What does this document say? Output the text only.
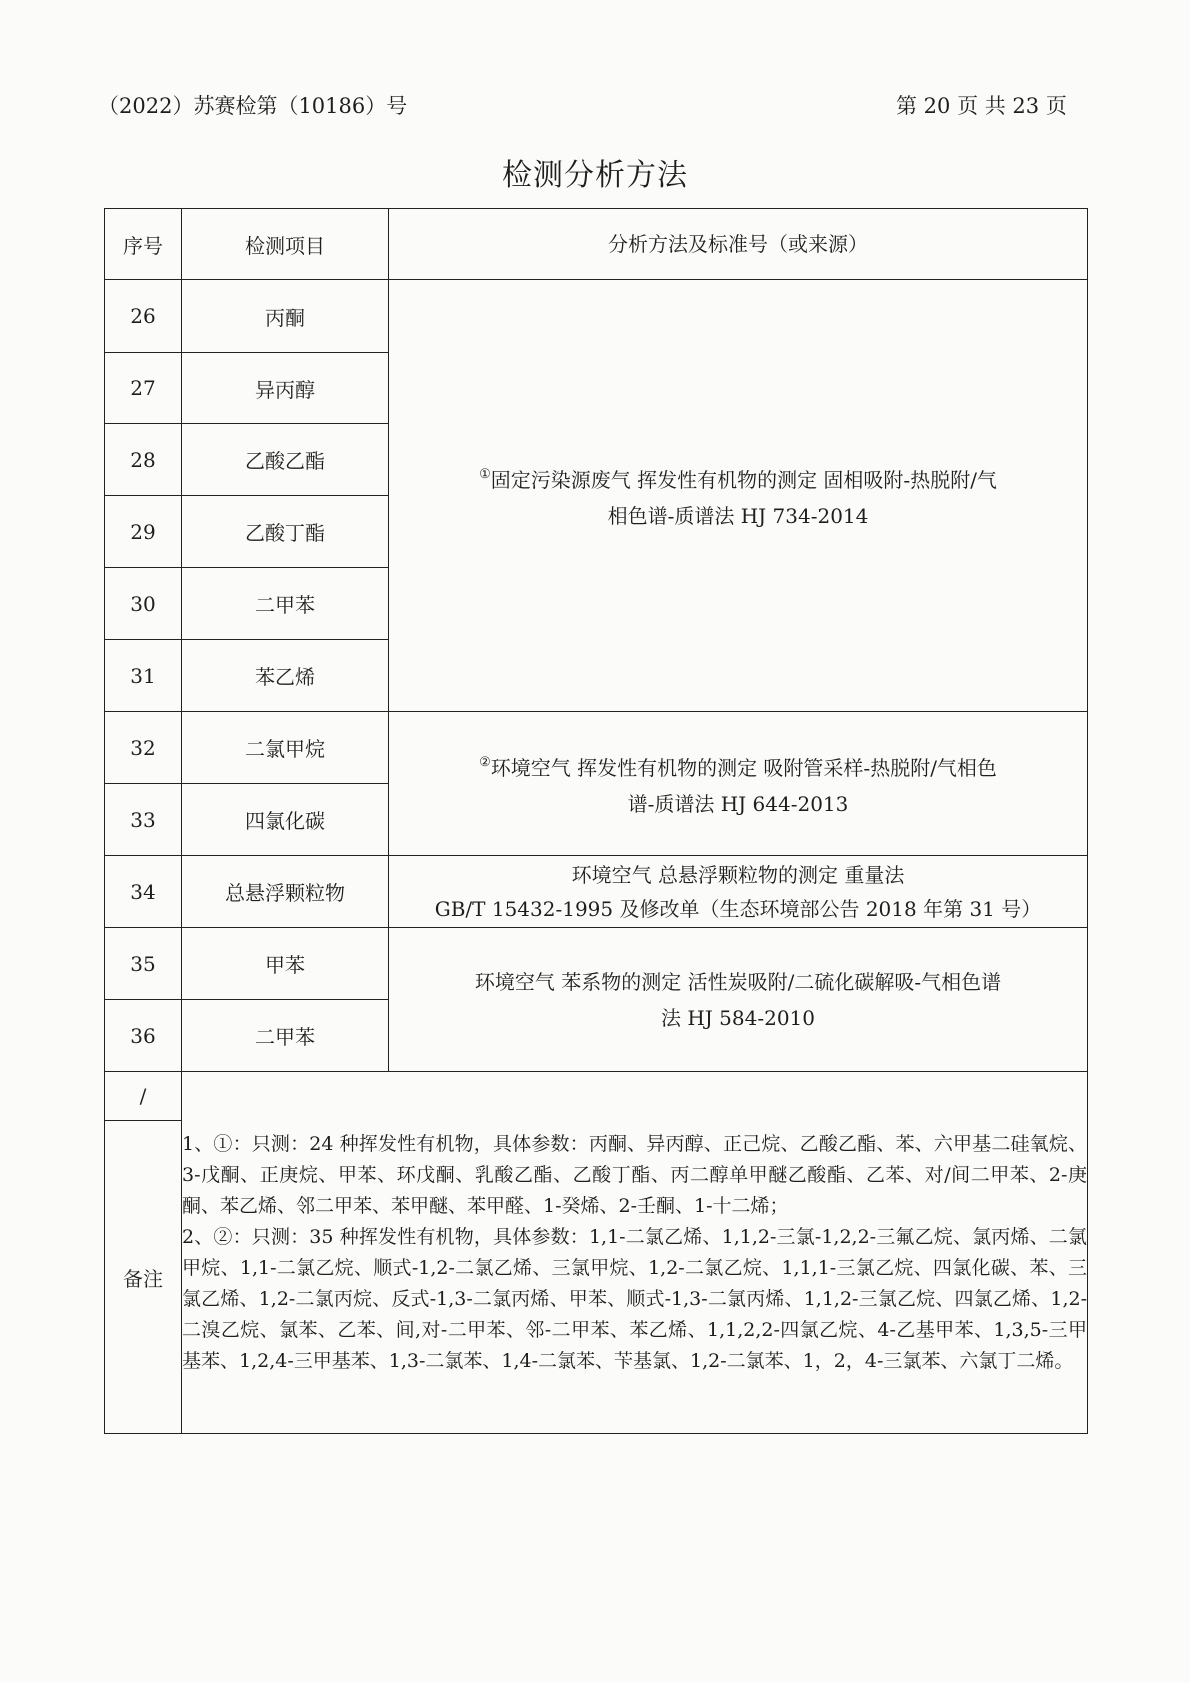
（2022）苏赛检第（10186）号	第 20 页 共 23 页
检测分析方法
序号	检测项目	分析方法及标准号（或来源）
26	丙酮	①固定污染源废气 挥发性有机物的测定 固相吸附-热脱附/气
相色谱-质谱法 HJ 734-2014

27	异丙醇	
28	乙酸乙酯	
29	乙酸丁酯	
30	二甲苯	
31	苯乙烯	
32	二氯甲烷	②环境空气 挥发性有机物的测定 吸附管采样-热脱附/气相色
谱-质谱法 HJ 644-2013

33	四氯化碳	
34	总悬浮颗粒物	环境空气 总悬浮颗粒物的测定 重量法
GB/T 15432-1995 及修改单（生态环境部公告 2018 年第 31 号）

35	甲苯	环境空气 苯系物的测定 活性炭吸附/二硫化碳解吸-气相色谱
法 HJ 584-2010

36	二甲苯	
/	1、①：只测：24 种挥发性有机物，具体参数：丙酮、异丙醇、正己烷、乙酸乙酯、苯、六甲基二硅氧烷、3-戊酮、正庚烷、甲苯、环戊酮、乳酸乙酯、乙酸丁酯、丙二醇单甲醚乙酸酯、乙苯、对/间二甲苯、2-庚酮、苯乙烯、邻二甲苯、苯甲醚、苯甲醛、1-癸烯、2-壬酮、1-十二烯；
2、②：只测：35 种挥发性有机物，具体参数：1,1-二氯乙烯、1,1,2-三氯-1,2,2-三氟乙烷、氯丙烯、二氯甲烷、1,1-二氯乙烷、顺式-1,2-二氯乙烯、三氯甲烷、1,2-二氯乙烷、1,1,1-三氯乙烷、四氯化碳、苯、三氯乙烯、1,2-二氯丙烷、反式-1,3-二氯丙烯、甲苯、顺式-1,3-二氯丙烯、1,1,2-三氯乙烷、四氯乙烯、1,2-二溴乙烷、氯苯、乙苯、间,对-二甲苯、邻-二甲苯、苯乙烯、1,1,2,2-四氯乙烷、4-乙基甲苯、1,3,5-三甲基苯、1,2,4-三甲基苯、1,3-二氯苯、1,4-二氯苯、苄基氯、1,2-二氯苯、1，2，4-三氯苯、六氯丁二烯。	

备注		
